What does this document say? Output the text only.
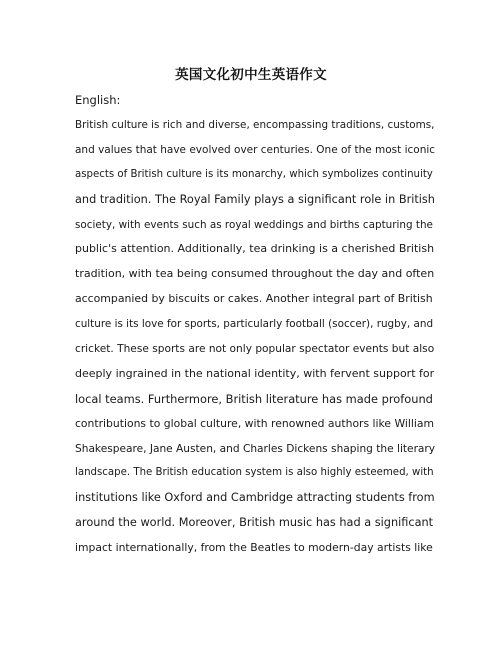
英国文化初中生英语作文
English:
British culture is rich and diverse, encompassing traditions, customs,
and values that have evolved over centuries. One of the most iconic
aspects of British culture is its monarchy, which symbolizes continuity
and tradition. The Royal Family plays a significant role in British
society, with events such as royal weddings and births capturing the
public's attention. Additionally, tea drinking is a cherished British
tradition, with tea being consumed throughout the day and often
accompanied by biscuits or cakes. Another integral part of British
culture is its love for sports, particularly football (soccer), rugby, and
cricket. These sports are not only popular spectator events but also
deeply ingrained in the national identity, with fervent support for
local teams. Furthermore, British literature has made profound
contributions to global culture, with renowned authors like William
Shakespeare, Jane Austen, and Charles Dickens shaping the literary
landscape. The British education system is also highly esteemed, with
institutions like Oxford and Cambridge attracting students from
around the world. Moreover, British music has had a significant
impact internationally, from the Beatles to modern-day artists like
